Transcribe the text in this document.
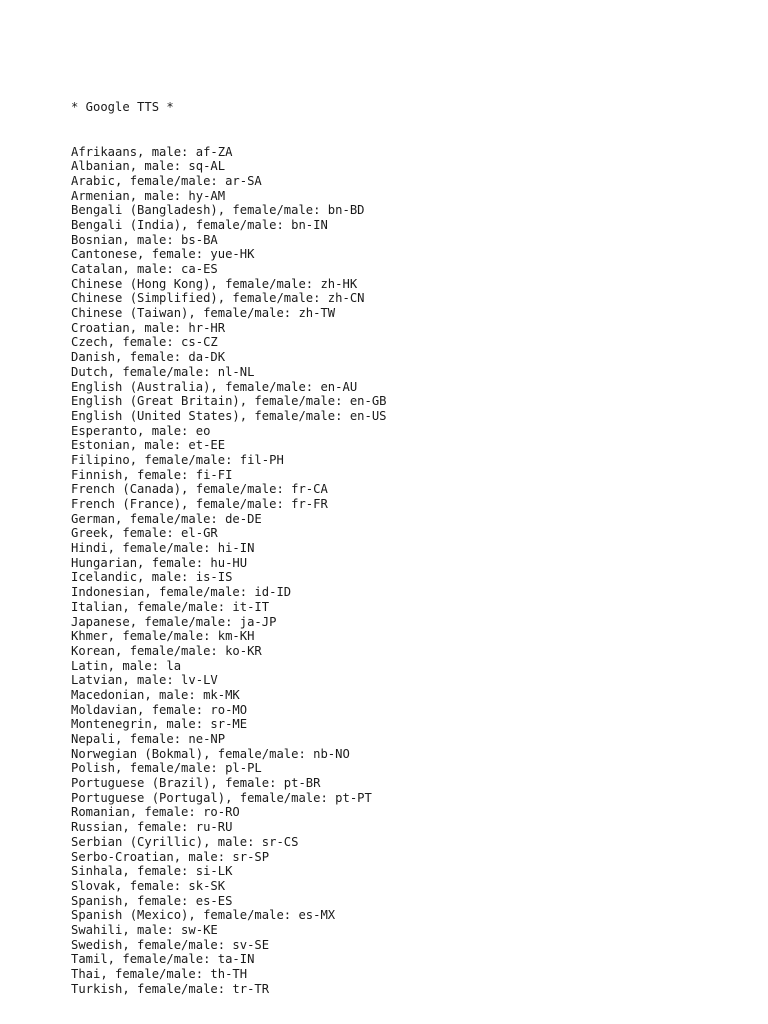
* Google TTS *

Afrikaans, male: af-ZA
Albanian, male: sq-AL
Arabic, female/male: ar-SA
Armenian, male: hy-AM
Bengali (Bangladesh), female/male: bn-BD
Bengali (India), female/male: bn-IN
Bosnian, male: bs-BA
Cantonese, female: yue-HK
Catalan, male: ca-ES
Chinese (Hong Kong), female/male: zh-HK
Chinese (Simplified), female/male: zh-CN
Chinese (Taiwan), female/male: zh-TW
Croatian, male: hr-HR
Czech, female: cs-CZ
Danish, female: da-DK
Dutch, female/male: nl-NL
English (Australia), female/male: en-AU
English (Great Britain), female/male: en-GB
English (United States), female/male: en-US
Esperanto, male: eo
Estonian, male: et-EE
Filipino, female/male: fil-PH
Finnish, female: fi-FI
French (Canada), female/male: fr-CA
French (France), female/male: fr-FR
German, female/male: de-DE
Greek, female: el-GR
Hindi, female/male: hi-IN
Hungarian, female: hu-HU
Icelandic, male: is-IS
Indonesian, female/male: id-ID
Italian, female/male: it-IT
Japanese, female/male: ja-JP
Khmer, female/male: km-KH
Korean, female/male: ko-KR
Latin, male: la
Latvian, male: lv-LV
Macedonian, male: mk-MK
Moldavian, female: ro-MO
Montenegrin, male: sr-ME
Nepali, female: ne-NP
Norwegian (Bokmal), female/male: nb-NO
Polish, female/male: pl-PL
Portuguese (Brazil), female: pt-BR
Portuguese (Portugal), female/male: pt-PT
Romanian, female: ro-RO
Russian, female: ru-RU
Serbian (Cyrillic), male: sr-CS
Serbo-Croatian, male: sr-SP
Sinhala, female: si-LK
Slovak, female: sk-SK
Spanish, female: es-ES
Spanish (Mexico), female/male: es-MX
Swahili, male: sw-KE
Swedish, female/male: sv-SE
Tamil, female/male: ta-IN
Thai, female/male: th-TH
Turkish, female/male: tr-TR
